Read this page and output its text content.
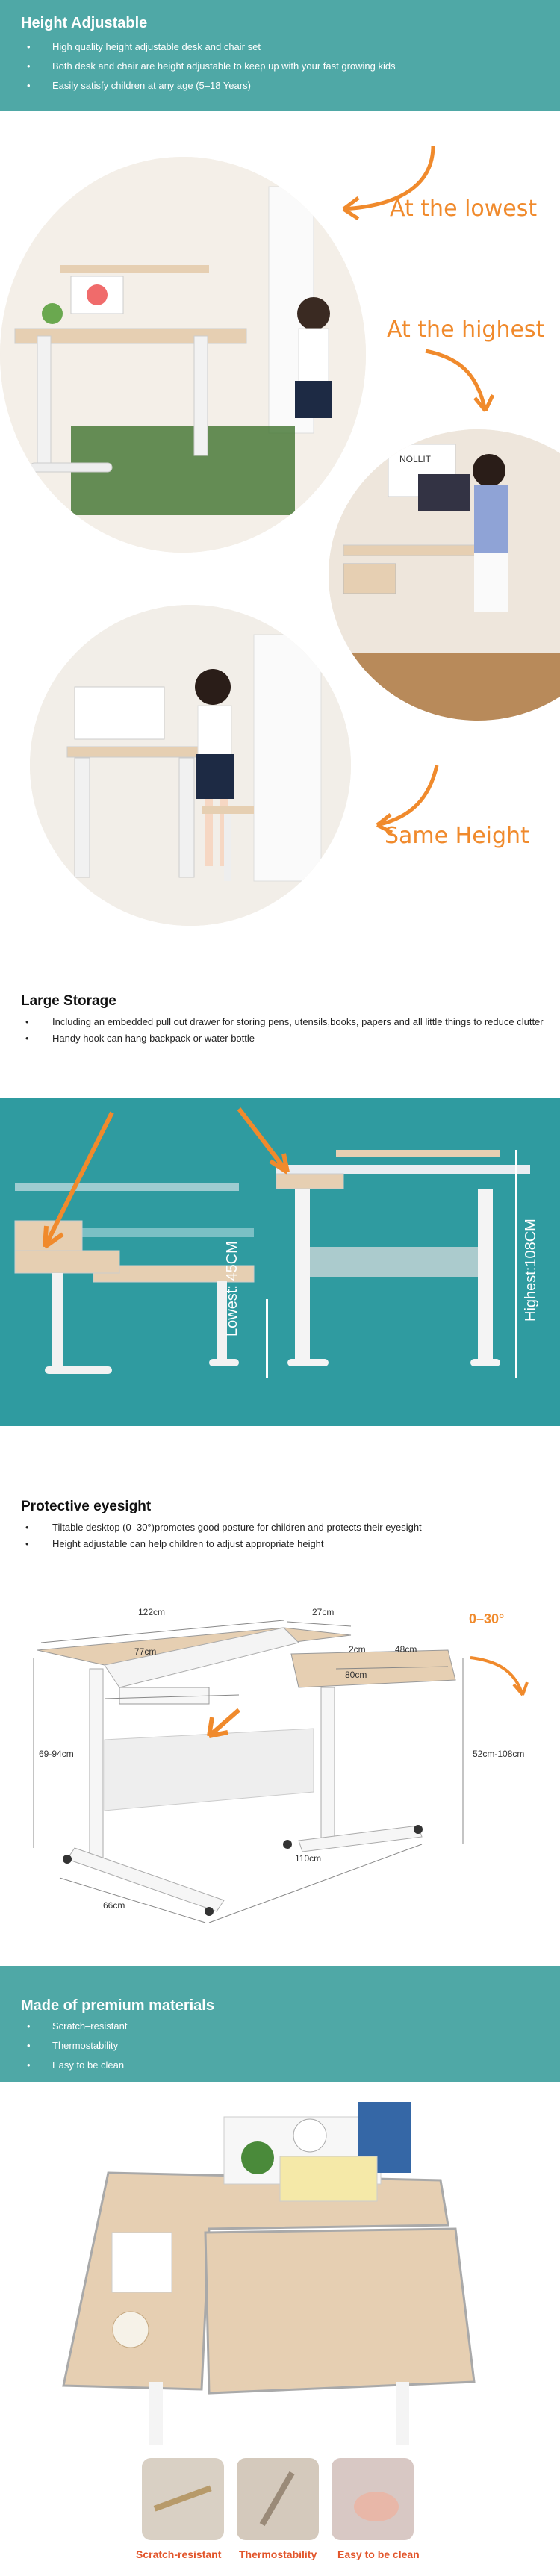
Height Adjustable
• High quality height adjustable desk and chair set
• Both desk and chair are height adjustable to keep up with your fast growing kids
• Easily satisfy children at any age (5–18 Years)
At the lowest
At the highest
NOLLIT
Same Height
Large Storage
• Including an embedded pull out drawer for storing pens, utensils,books, papers and all little things to reduce clutter
• Handy hook can hang backpack or water bottle
Lowest: 45CM	Highest:108CM
Protective eyesight
• Tiltable desktop (0–30°)promotes good posture for children and protects their eyesight
• Height adjustable can help children to adjust appropriate height
122cm	27cm
77cm	2cm	48cm
80cm
69-94cm	52cm-108cm
110cm
66cm
0–30°
Made of premium materials
• Scratch–resistant
• Thermostability
• Easy to be clean
Scratch-resistant Thermostability Easy to be clean
